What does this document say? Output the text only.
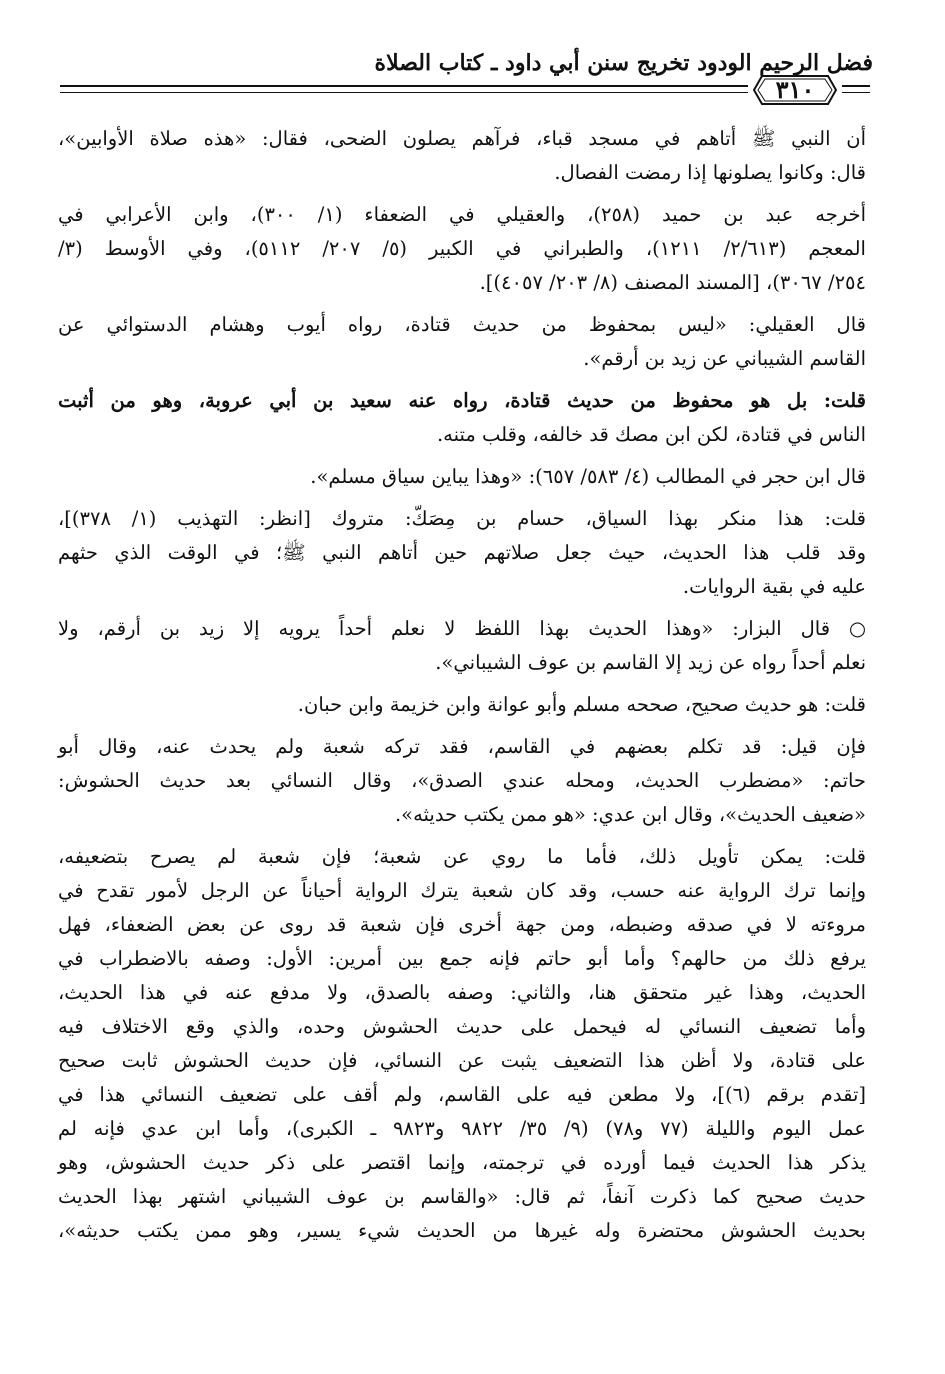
فضل الرحيم الودود تخريج سنن أبي داود ـ كتاب الصلاة
٣١٠
أن النبي ﷺ أتاهم في مسجد قباء، فرآهم يصلون الضحى، فقال: «هذه صلاة الأوابين»،
قال: وكانوا يصلونها إذا رمضت الفصال.
أخرجه عبد بن حميد (٢٥٨)، والعقيلي في الضعفاء (١/ ٣٠٠)، وابن الأعرابي في
المعجم (٢/٦١٣/ ١٢١١)، والطبراني في الكبير (٥/ ٢٠٧/ ٥١١٢)، وفي الأوسط (٣/
٢٥٤/ ٣٠٦٧)، [المسند المصنف (٨/ ٢٠٣/ ٤٠٥٧)].
قال العقيلي: «ليس بمحفوظ من حديث قتادة، رواه أيوب وهشام الدستوائي عن
القاسم الشيباني عن زيد بن أرقم».
قلت: بل هو محفوظ من حديث قتادة، رواه عنه سعيد بن أبي عروبة، وهو من أثبت
الناس في قتادة، لكن ابن مصك قد خالفه، وقلب متنه.
قال ابن حجر في المطالب (٤/ ٥٨٣/ ٦٥٧): «وهذا يباين سياق مسلم».
قلت: هذا منكر بهذا السياق، حسام بن مِصَكّ: متروك [انظر: التهذيب (١/ ٣٧٨)]،
وقد قلب هذا الحديث، حيث جعل صلاتهم حين أتاهم النبي ﷺ؛ في الوقت الذي حثهم
عليه في بقية الروايات.
○ قال البزار: «وهذا الحديث بهذا اللفظ لا نعلم أحداً يرويه إلا زيد بن أرقم، ولا
نعلم أحداً رواه عن زيد إلا القاسم بن عوف الشيباني».
قلت: هو حديث صحيح، صححه مسلم وأبو عوانة وابن خزيمة وابن حبان.
فإن قيل: قد تكلم بعضهم في القاسم، فقد تركه شعبة ولم يحدث عنه، وقال أبو
حاتم: «مضطرب الحديث، ومحله عندي الصدق»، وقال النسائي بعد حديث الحشوش:
«ضعيف الحديث»، وقال ابن عدي: «هو ممن يكتب حديثه».
قلت: يمكن تأويل ذلك، فأما ما روي عن شعبة؛ فإن شعبة لم يصرح بتضعيفه،
وإنما ترك الرواية عنه حسب، وقد كان شعبة يترك الرواية أحياناً عن الرجل لأمور تقدح في
مروءته لا في صدقه وضبطه، ومن جهة أخرى فإن شعبة قد روى عن بعض الضعفاء، فهل
يرفع ذلك من حالهم؟ وأما أبو حاتم فإنه جمع بين أمرين: الأول: وصفه بالاضطراب في
الحديث، وهذا غير متحقق هنا، والثاني: وصفه بالصدق، ولا مدفع عنه في هذا الحديث،
وأما تضعيف النسائي له فيحمل على حديث الحشوش وحده، والذي وقع الاختلاف فيه
على قتادة، ولا أظن هذا التضعيف يثبت عن النسائي، فإن حديث الحشوش ثابت صحيح
[تقدم برقم (٦)]، ولا مطعن فيه على القاسم، ولم أقف على تضعيف النسائي هذا في
عمل اليوم والليلة (٧٧ و٧٨) (٩/ ٣٥/ ٩٨٢٢ و٩٨٢٣ ـ الكبرى)، وأما ابن عدي فإنه لم
يذكر هذا الحديث فيما أورده في ترجمته، وإنما اقتصر على ذكر حديث الحشوش، وهو
حديث صحيح كما ذكرت آنفاً، ثم قال: «والقاسم بن عوف الشيباني اشتهر بهذا الحديث
بحديث الحشوش محتضرة وله غيرها من الحديث شيء يسير، وهو ممن يكتب حديثه»،
